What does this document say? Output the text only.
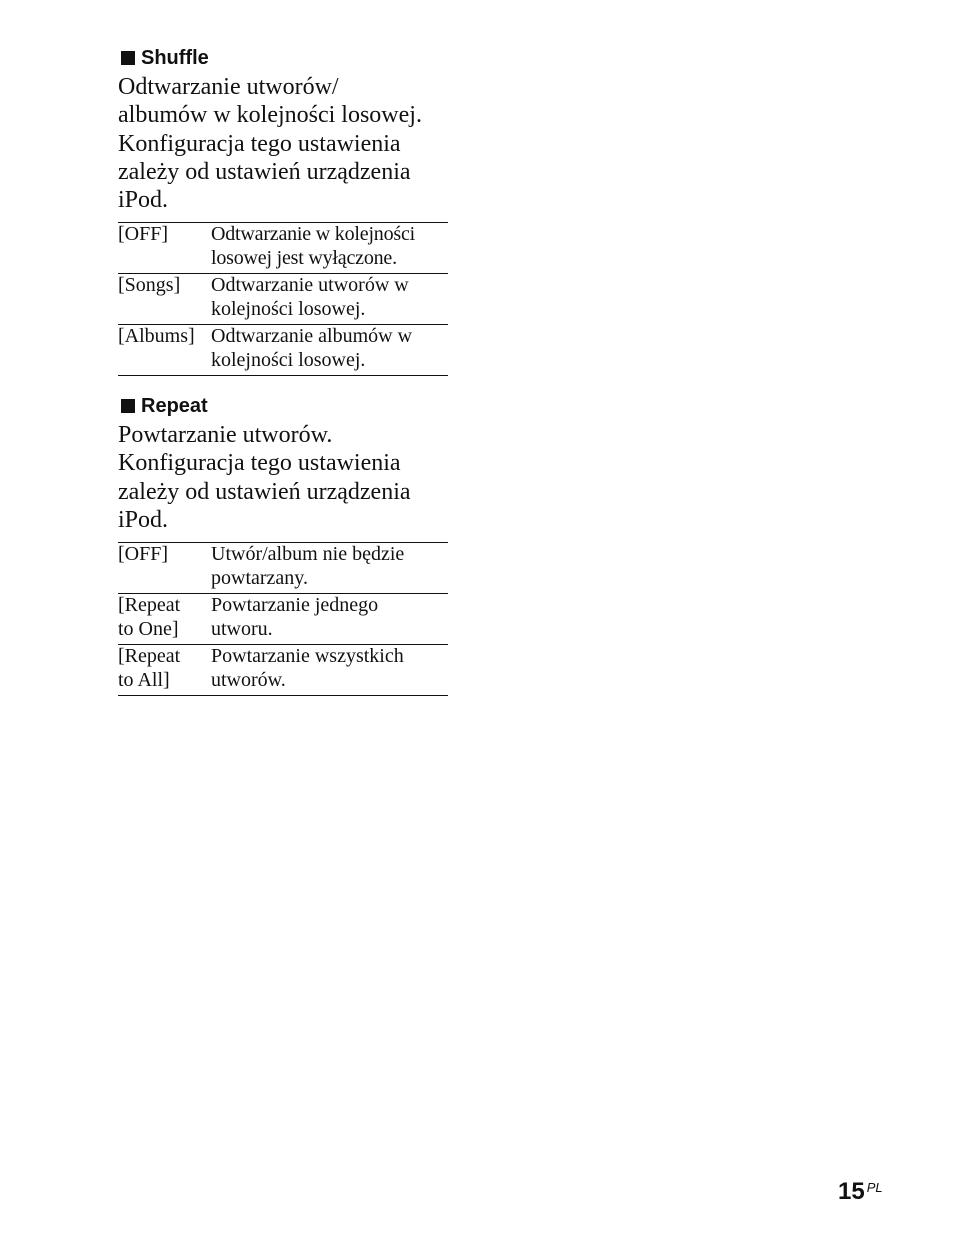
Shuffle

Odtwarzanie utworów/
albumów w kolejności losowej.
Konfiguracja tego ustawienia
zależy od ustawień urządzenia
iPod.

[OFF]	Odtwarzanie w kolejności
losowej jest wyłączone.

[Songs]	Odtwarzanie utworów w
kolejności losowej.

[Albums]	Odtwarzanie albumów w
kolejności losowej.
Repeat

Powtarzanie utworów.
Konfiguracja tego ustawienia
zależy od ustawień urządzenia
iPod.

[OFF]	Utwór/album nie będzie
powtarzany.

[Repeat
to One]	Powtarzanie jednego
utworu.

[Repeat
to All]	Powtarzanie wszystkich
utworów.
15 PL
